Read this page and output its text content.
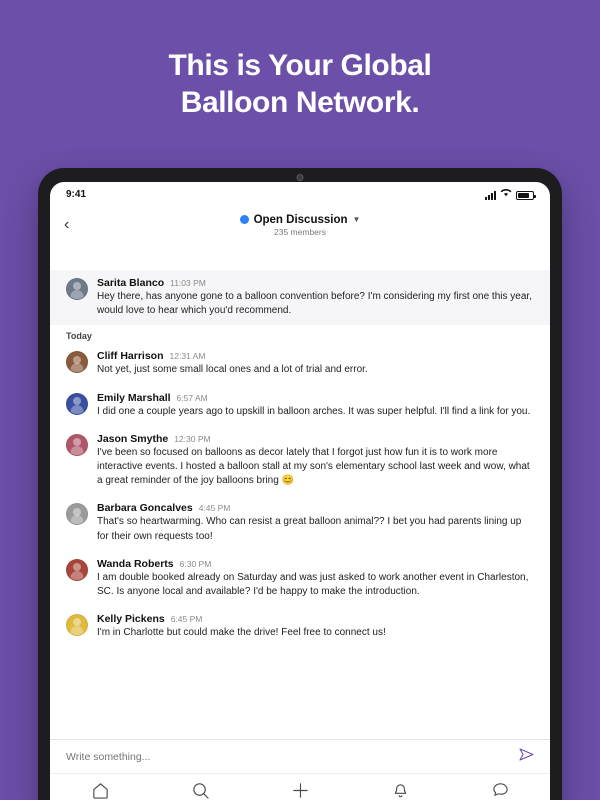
This is Your Global
Balloon Network.
9:41
‹	Open Discussion ▼
235 members
Sarita Blanco 11:03 PM
Hey there, has anyone gone to a balloon convention before? I'm considering my first one this year, would love to hear which you'd recommend.
Today
Cliff Harrison 12:31 AM
Not yet, just some small local ones and a lot of trial and error.
Emily Marshall 6:57 AM
I did one a couple years ago to upskill in balloon arches. It was super helpful. I'll find a link for you.
Jason Smythe 12:30 PM
I've been so focused on balloons as decor lately that I forgot just how fun it is to work more interactive events. I hosted a balloon stall at my son's elementary school last week and wow, what a great reminder of the joy balloons bring 😊
Barbara Goncalves 4:45 PM
That's so heartwarming. Who can resist a great balloon animal?? I bet you had parents lining up for their own requests too!
Wanda Roberts 6:30 PM
I am double booked already on Saturday and was just asked to work another event in Charleston, SC. Is anyone local and available? I'd be happy to make the introduction.
Kelly Pickens 6:45 PM
I'm in Charlotte but could make the drive! Feel free to connect us!
Write something...
